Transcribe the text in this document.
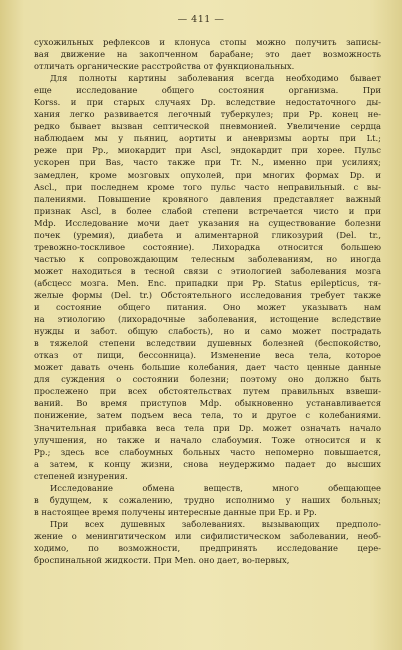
— 411 —
сухожильных рефлексов и клонуса стопы можно получить записы-
вая движение на закопченном барабане; это дает возможность
отличать органические расстройства от функциональных.
Для полноты картины заболевания всегда необходимо бывает
еще исследование общего состояния организма. При
Korss. и при старых случаях Dp. вследствие недостаточного ды-
хания легко развивается легочный туберкулез; при Pp. конец не-
редко бывает вызван септической пневмонией. Увеличение сердца
наблюдаем мы у пьяниц, аортиты и аневризмы аорты при Lt.;
реже при Pp., миокардит при Ascl, эндокардит при хорее. Пульс
ускорен при Bas, часто также при Tr. N., именно при усилиях;
замедлен, кроме мозговых опухолей, при многих формах Dp. и
Ascl., при последнем кроме того пульс часто неправильный. с вы-
палениями. Повышение кровяного давления представляет важный
признак Ascl, в более слабой степени встречается чисто и при
Mdp. Исследование мочи дает указания на существование болезни
почек (уремия), диабета и алиментарной гликозурий (Del. tr.,
тревожно-тоскливое состояние). Лихорадка относится большею
частью к сопровождающим телесным заболеваниям, но иногда
может находиться в тесной связи с этиологией заболевания мозга
(абсцесс мозга. Men. Enc. припадки при Pp. Status epilepticus, тя-
желые формы (Del. tr.) Обстоятельного исследования требует также
и состояние общего питания. Оно может указывать нам
на этиологию (лихорадочные заболевания, истощение вследствие
нужды и забот. общую слабость), но и само может пострадать
в тяжелой степени вследствии душевных болезней (беспокойство,
отказ от пищи, бессонница). Изменение веса тела, которое
может давать очень большие колебания, дает часто ценные данные
для суждения о состоянии болезни; поэтому оно должно быть
прослежено при всех обстоятельствах путем правильных взвеши-
ваний. Во время приступов Mdp. обыкновенно устанавливается
понижение, затем подъем веса тела, то и другое с колебаниями.
Значительная прибавка веса тела при Dp. может означать начало
улучшения, но также и начало слабоумия. Тоже относится и к
Pp.; здесь все слабоумных больных часто непомерно повышается,
а затем, к концу жизни, снова неудержимо падает до высших
степеней изнурения.
Исследование обмена веществ, много обещающее
в будущем, к сожалению, трудно исполнимо у наших больных;
в настоящее время получены интересные данные при Ep. и Pp.
При всех душевных заболеваниях. вызывающих предполо-
жение о менингитическом или сифилистическом заболевании, необ-
ходимо, по возможности, предпринять исследование цере-
броспинальной жидкости. При Men. оно дает, во-первых,
